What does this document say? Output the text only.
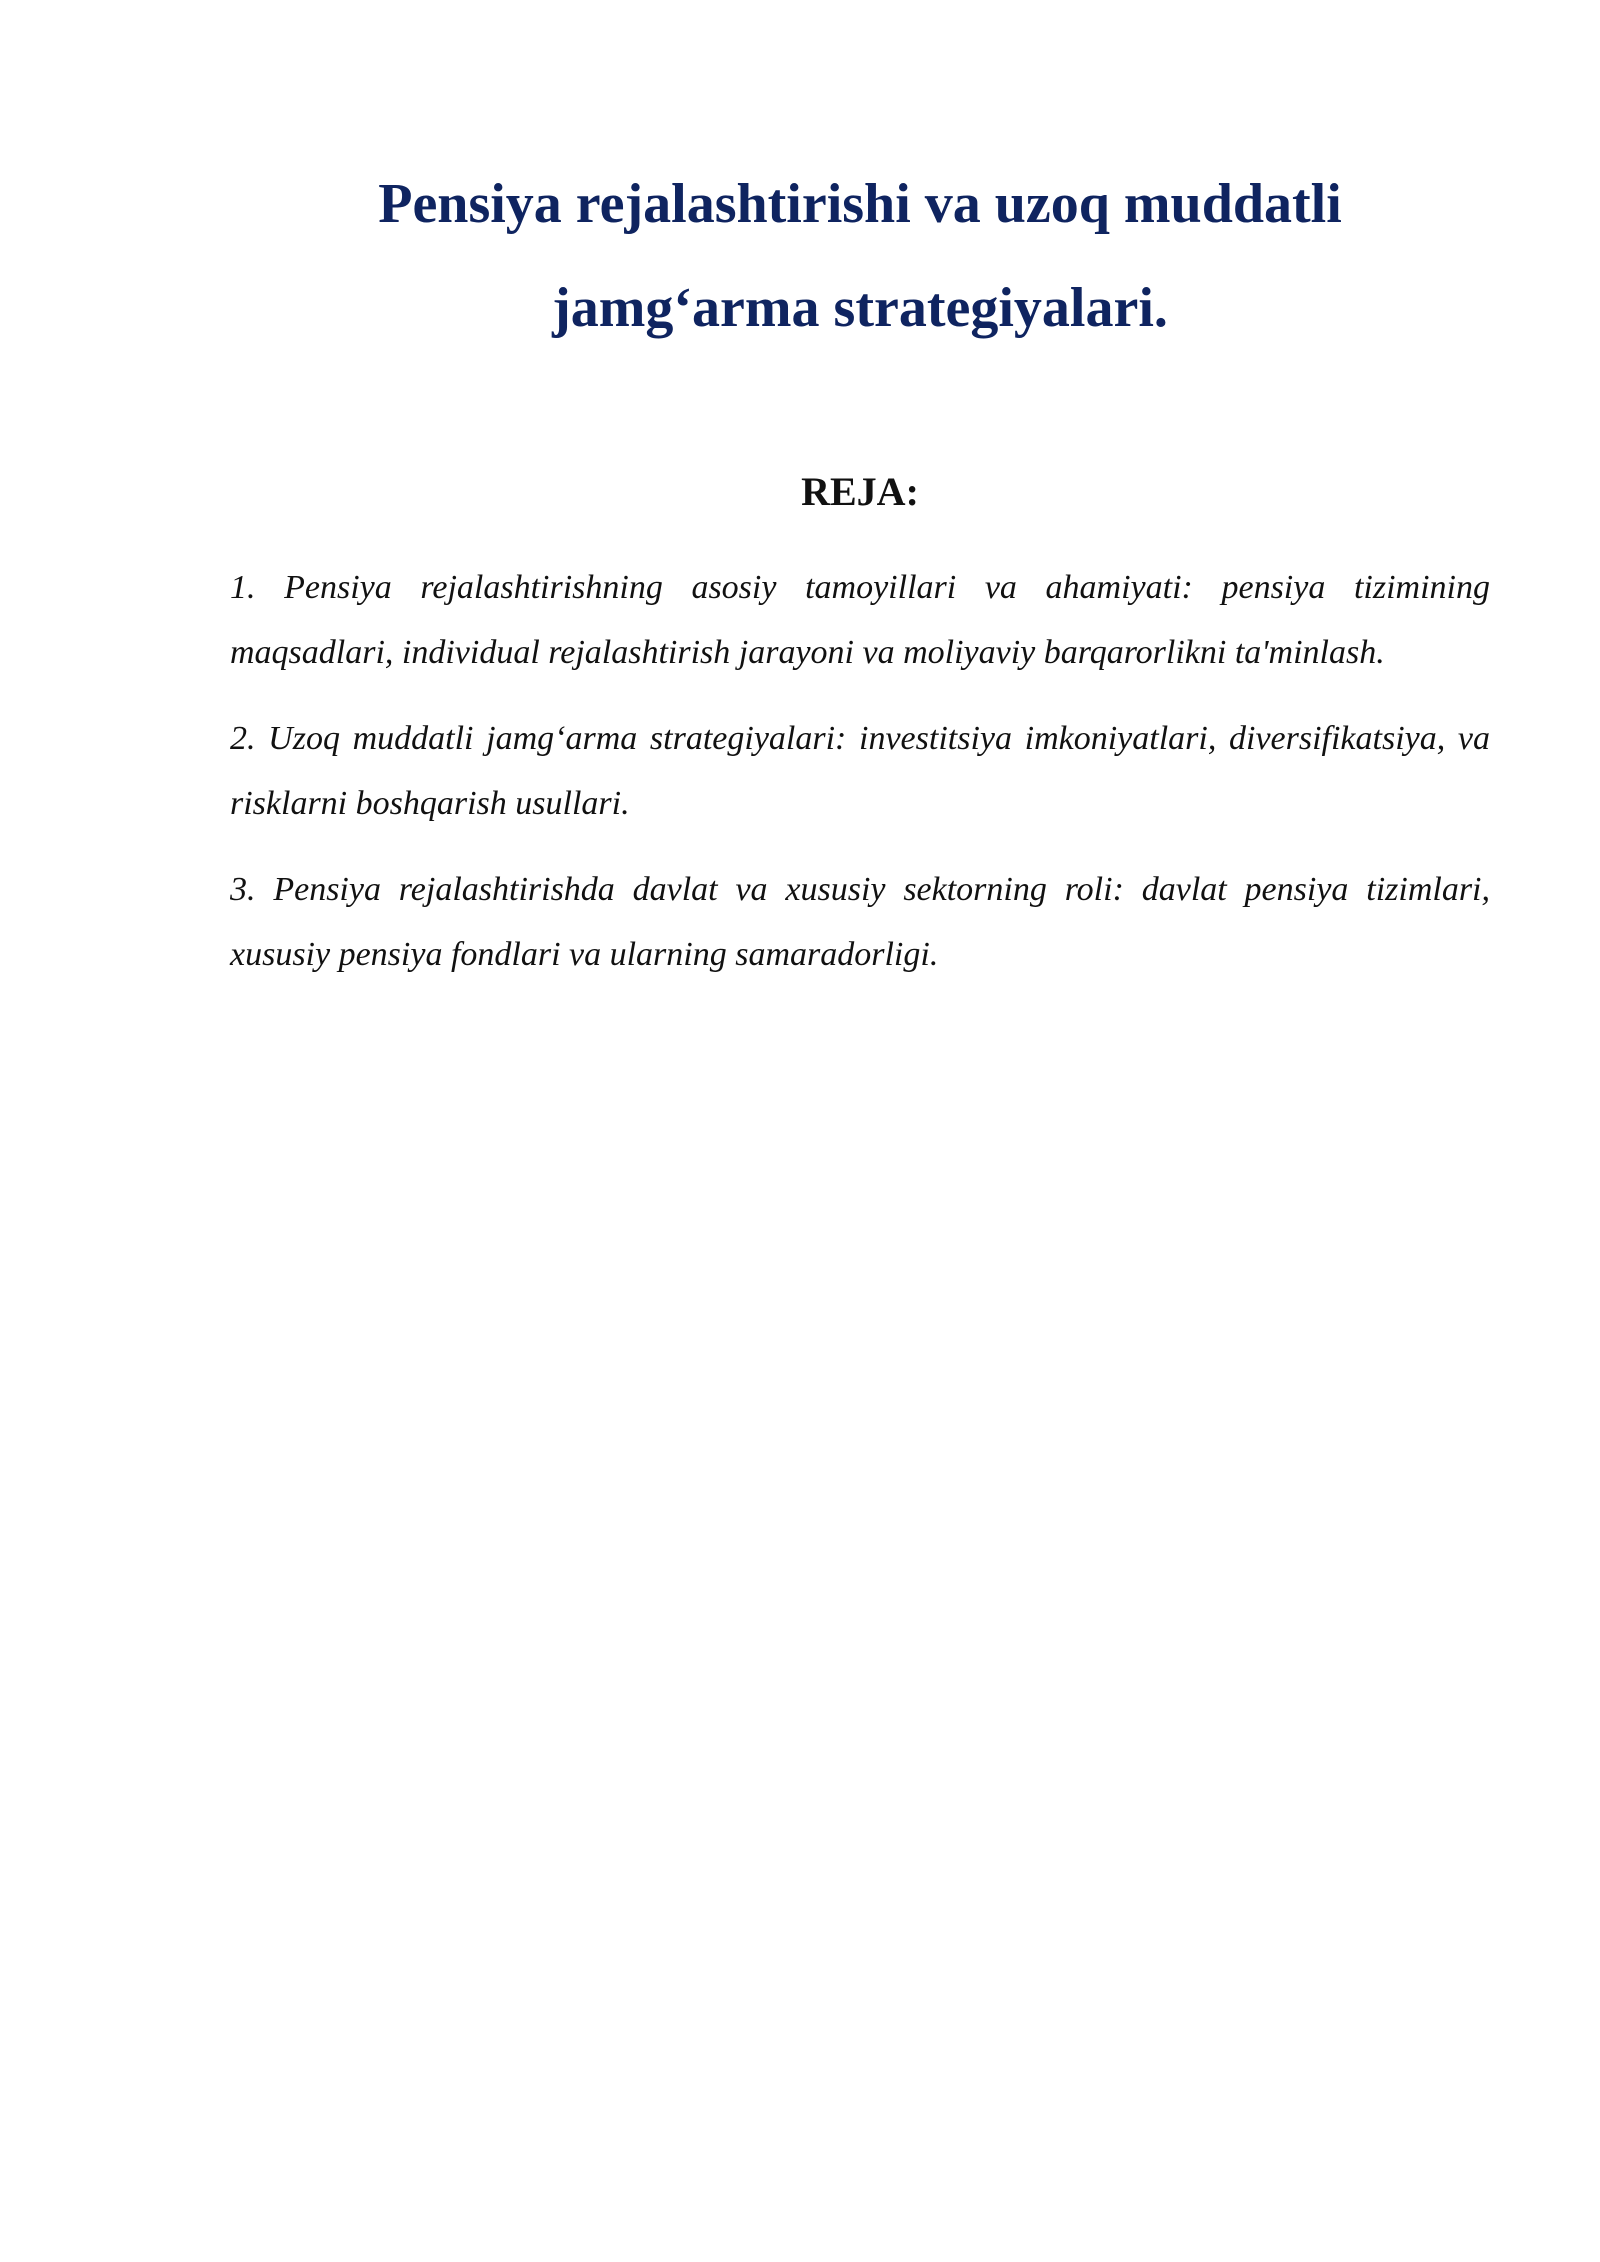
Pensiya rejalashtirishi va uzoq muddatli
jamg‘arma strategiyalari.
REJA:
1. Pensiya rejalashtirishning asosiy tamoyillari va ahamiyati: pensiya tizimining maqsadlari, individual rejalashtirish jarayoni va moliyaviy barqarorlikni ta'minlash.
2. Uzoq muddatli jamg‘arma strategiyalari: investitsiya imkoniyatlari, diversifikatsiya, va risklarni boshqarish usullari.
3. Pensiya rejalashtirishda davlat va xususiy sektorning roli: davlat pensiya tizimlari, xususiy pensiya fondlari va ularning samaradorligi.
